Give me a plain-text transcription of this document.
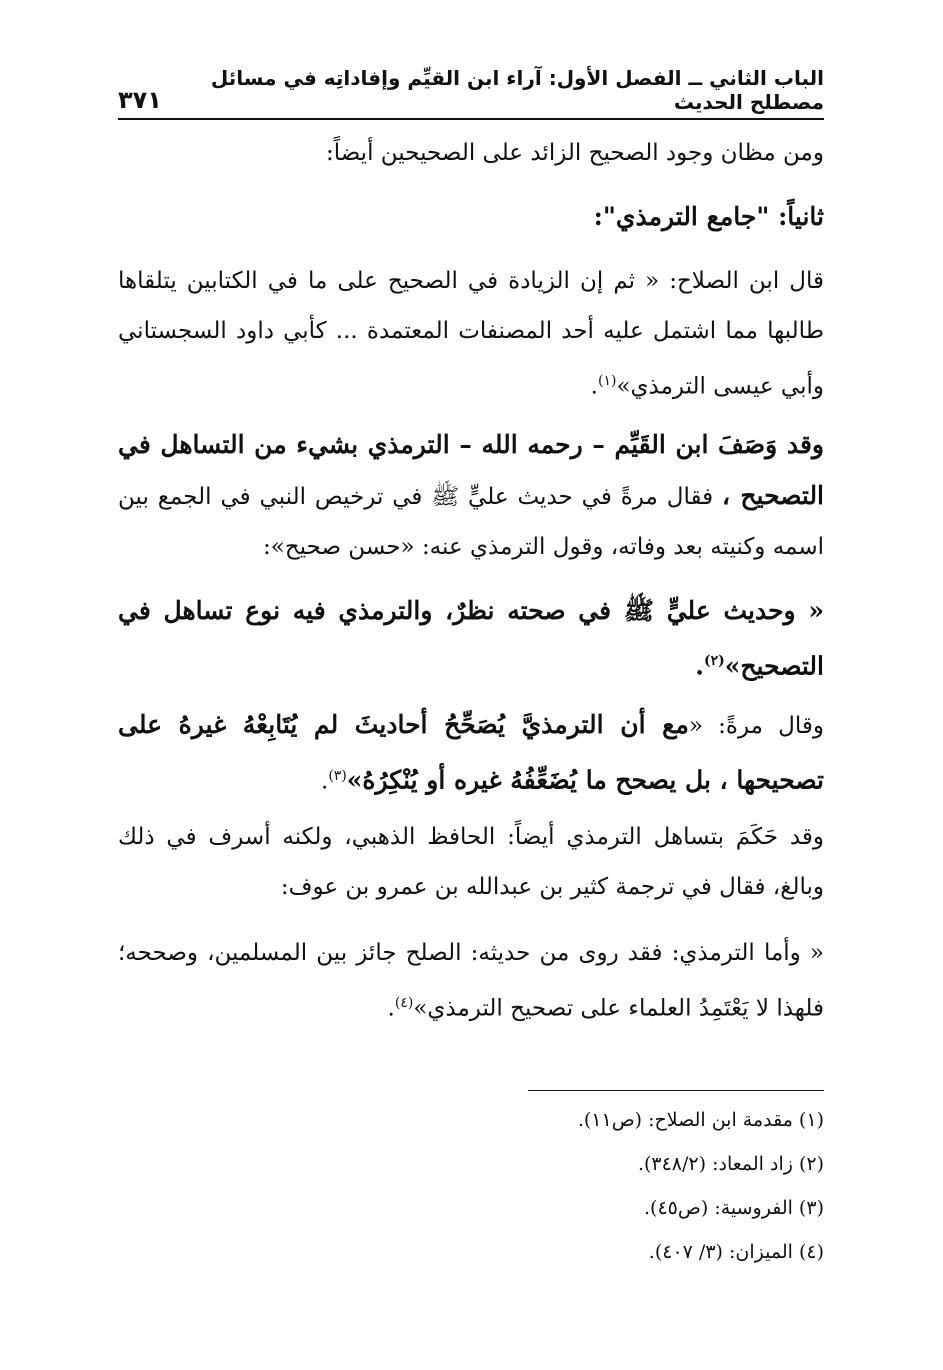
الباب الثاني ــ الفصل الأول: آراء ابن القيِّم وإفاداتِه في مسائل مصطلح الحديث
٣٧١
ومن مظان وجود الصحيح الزائد على الصحيحين أيضاً:
ثانياً: "جامع الترمذي":
قال ابن الصلاح: « ثم إن الزيادة في الصحيح على ما في الكتابين يتلقاها طالبها مما اشتمل عليه أحد المصنفات المعتمدة ... كأبي داود السجستاني وأبي عيسى الترمذي»$^{(١)}$.
وقد وَصَفَ ابن القَيِّم – رحمه الله – الترمذي بشيء من التساهل في التصحيح ، فقال مرةً في حديث عليٍّ ﷺ في ترخيص النبي في الجمع بين اسمه وكنيته بعد وفاته، وقول الترمذي عنه: «حسن صحيح»:
« وحديث عليٍّ ﷺ في صحته نظرٌ، والترمذي فيه نوع تساهل في التصحيح»$^{(٢)}$.
وقال مرةً: «مع أن الترمذيَّ يُصَحِّحُ أحاديثَ لم يُتَابِعْهُ غيرهُ على تصحيحها ، بل يصحح ما يُضَعِّفُهُ غيره أو يُنْكِرُهُ»$^{(٣)}$.
وقد حَكَمَ بتساهل الترمذي أيضاً: الحافظ الذهبي، ولكنه أسرف في ذلك وبالغ، فقال في ترجمة كثير بن عبدالله بن عمرو بن عوف:
« وأما الترمذي: فقد روى من حديثه: الصلح جائز بين المسلمين، وصححه؛ فلهذا لا يَعْتَمِدُ العلماء على تصحيح الترمذي»$^{(٤)}$.
(١) مقدمة ابن الصلاح: (ص١١).
(٢) زاد المعاد: (٣٤٨/٢).
(٣) الفروسية: (ص٤٥).
(٤) الميزان: (٣/ ٤٠٧).
